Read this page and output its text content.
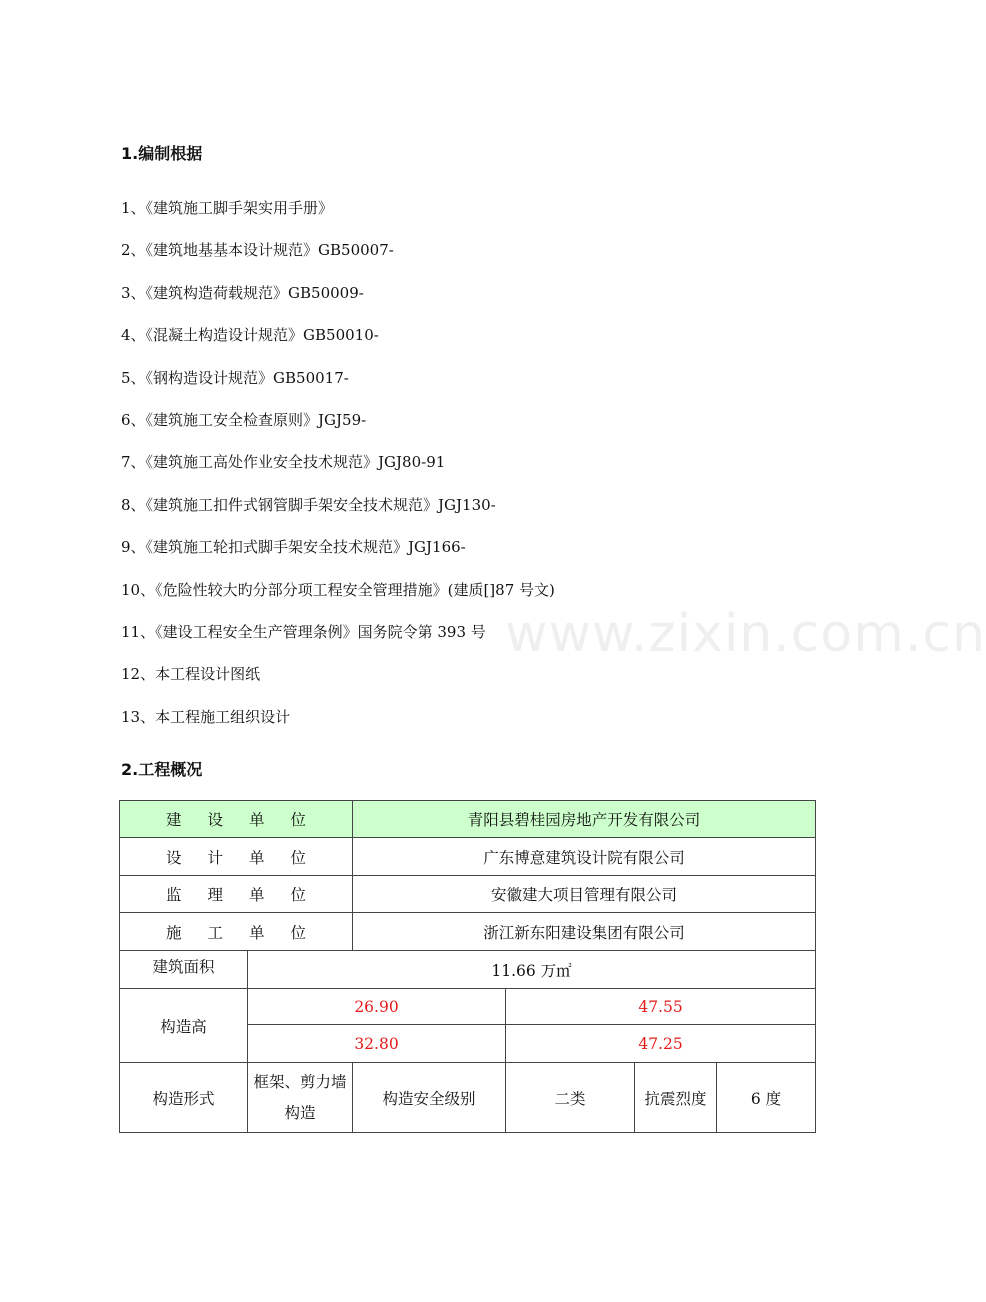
1.编制根据
1、《建筑施工脚手架实用手册》
2、《建筑地基基本设计规范》GB50007-
3、《建筑构造荷载规范》GB50009-
4、《混凝土构造设计规范》GB50010-
5、《钢构造设计规范》GB50017-
6、《建筑施工安全检查原则》JGJ59-
7、《建筑施工高处作业安全技术规范》JGJ80-91
8、《建筑施工扣件式钢管脚手架安全技术规范》JGJ130-
9、《建筑施工轮扣式脚手架安全技术规范》JGJ166-
10、《危险性较大旳分部分项工程安全管理措施》(建质[]87 号文)
11、《建设工程安全生产管理条例》国务院令第 393 号
12、本工程设计图纸
13、本工程施工组织设计
www.zixin.com.cn
2.工程概况
建设单位		青阳县碧桂园房地产开发有限公司			
设计单位		广东博意建筑设计院有限公司			
监理单位		安徽建大项目管理有限公司			
施工单位		浙江新东阳建设集团有限公司			
建筑面积	11.66 万㎡				
构造高	26.90		47.55		
	32.80		47.25		
构造形式	框架、剪力墙构造	构造安全级别	二类	抗震烈度	6 度
